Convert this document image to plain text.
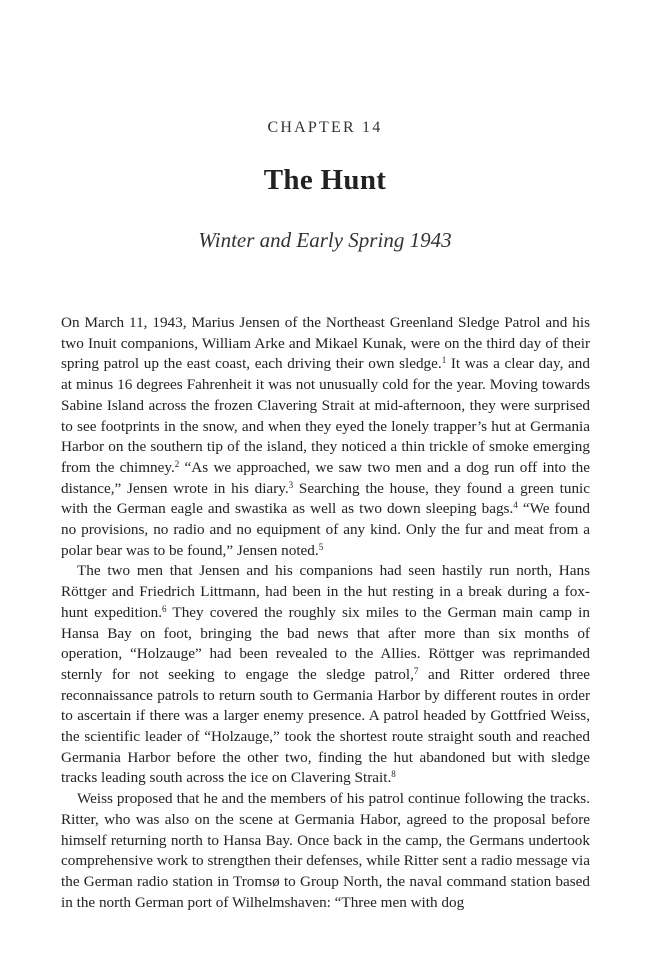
CHAPTER 14
The Hunt
Winter and Early Spring 1943

On March 11, 1943, Marius Jensen of the Northeast Greenland Sledge Patrol and his two Inuit companions, William Arke and Mikael Kunak, were on the third day of their spring patrol up the east coast, each driving their own sledge.$^1$ It was a clear day, and at minus 16 degrees Fahrenheit it was not unusually cold for the year. Moving towards Sabine Island across the frozen Clavering Strait at mid-afternoon, they were surprised to see footprints in the snow, and when they eyed the lonely trapper’s hut at Germania Harbor on the southern tip of the island, they noticed a thin trickle of smoke emerging from the chimney.$^2$ “As we approached, we saw two men and a dog run off into the distance,” Jensen wrote in his diary.$^3$ Searching the house, they found a green tunic with the German eagle and swastika as well as two down sleeping bags.$^4$ “We found no provisions, no radio and no equipment of any kind. Only the fur and meat from a polar bear was to be found,” Jensen noted.$^5$

The two men that Jensen and his companions had seen hastily run north, Hans Röttger and Friedrich Littmann, had been in the hut resting in a break during a fox-hunt expedition.$^6$ They covered the roughly six miles to the German main camp in Hansa Bay on foot, bringing the bad news that after more than six months of operation, “Holzauge” had been revealed to the Allies. Röttger was reprimanded sternly for not seeking to engage the sledge patrol,$^7$ and Ritter ordered three reconnaissance patrols to return south to Germania Harbor by different routes in order to ascertain if there was a larger enemy presence. A patrol headed by Gottfried Weiss, the scientific leader of “Holzauge,” took the shortest route straight south and reached Germania Harbor before the other two, finding the hut abandoned but with sledge tracks leading south across the ice on Clavering Strait.$^8$

Weiss proposed that he and the members of his patrol continue following the tracks. Ritter, who was also on the scene at Germania Habor, agreed to the proposal before himself returning north to Hansa Bay. Once back in the camp, the Germans undertook comprehensive work to strengthen their defenses, while Ritter sent a radio message via the German radio station in Tromsø to Group North, the naval command station based in the north German port of Wilhelmshaven: “Three men with dog
